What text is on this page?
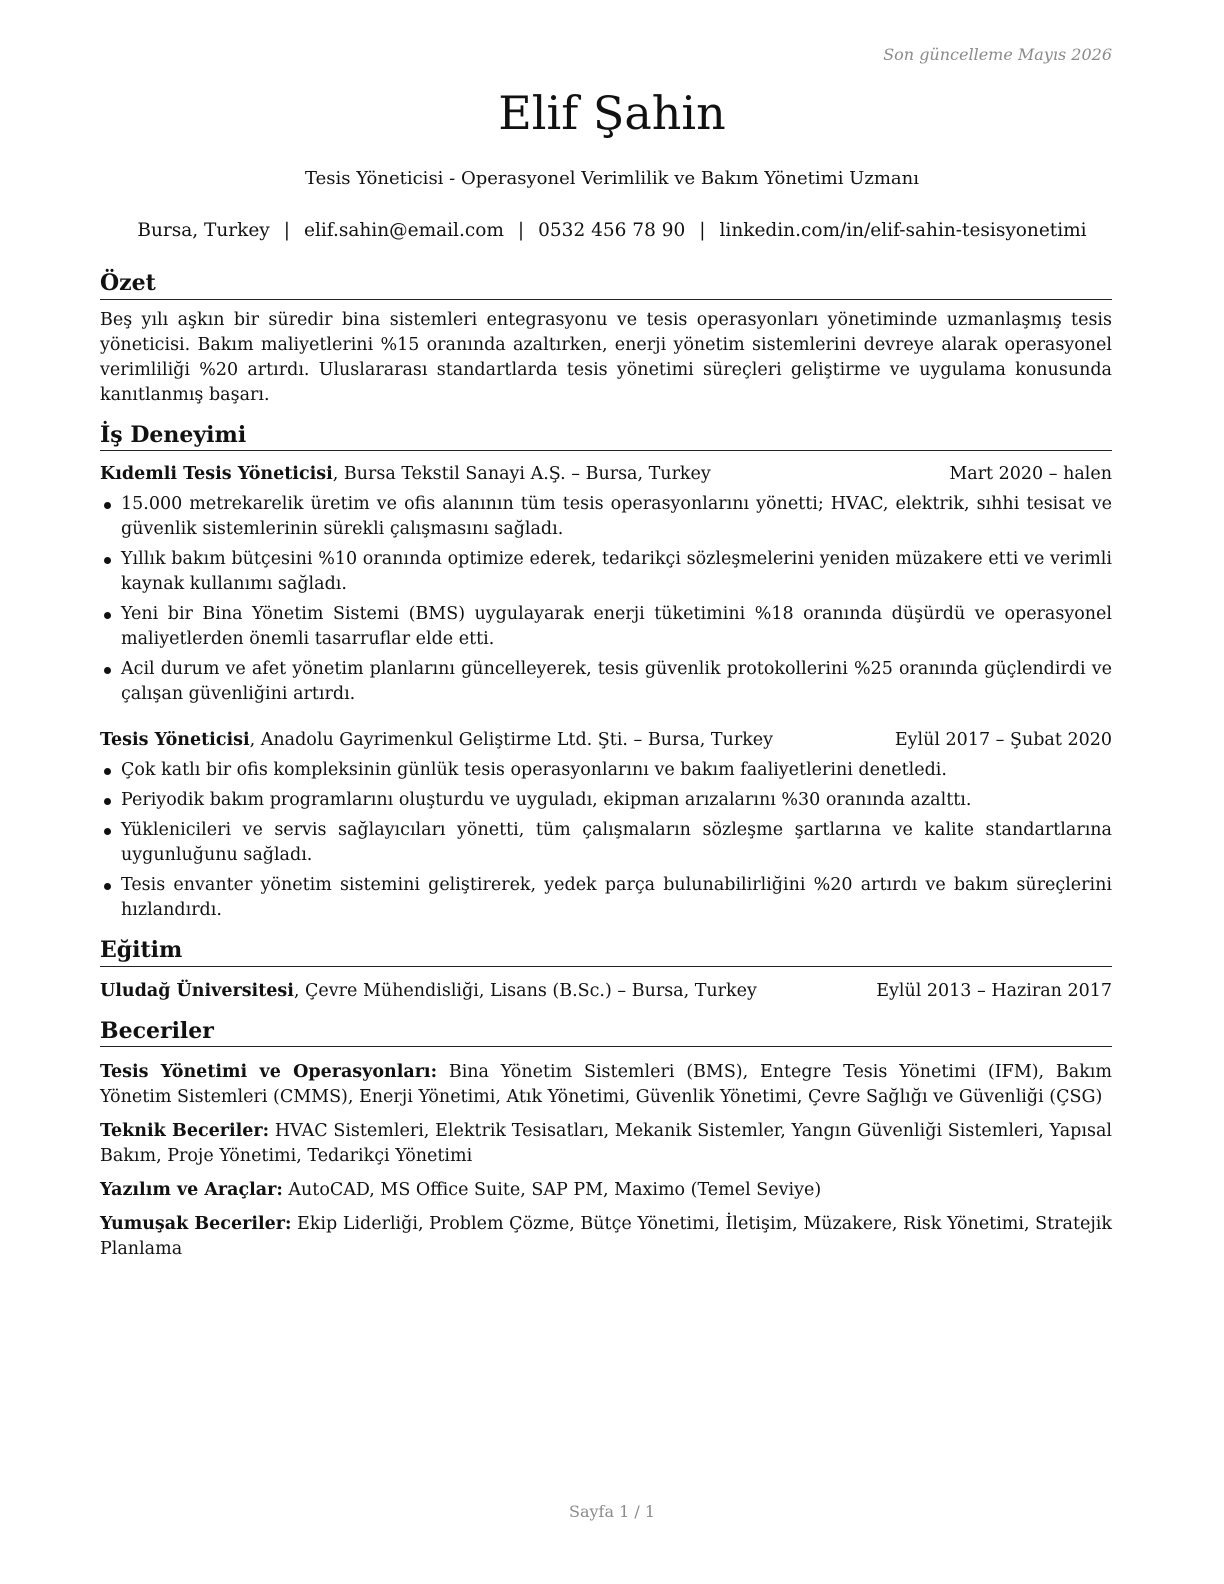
Son güncelleme Mayıs 2026
Elif Şahin
Tesis Yöneticisi - Operasyonel Verimlilik ve Bakım Yönetimi Uzmanı
Bursa, Turkey | elif.sahin@email.com | 0532 456 78 90 | linkedin.com/in/elif-sahin-tesisyonetimi
Özet

Beş yılı aşkın bir süredir bina sistemleri entegrasyonu ve tesis operasyonları yönetiminde uzmanlaşmış tesis yöneticisi. Bakım maliyetlerini %15 oranında azaltırken, enerji yönetim sistemlerini devreye alarak operasyonel verimliliği %20 artırdı. Uluslararası standartlarda tesis yönetimi süreçleri geliştirme ve uygulama konusunda kanıtlanmış başarı.

İş Deneyimi
Kıdemli Tesis Yöneticisi, Bursa Tekstil Sanayi A.Ş. – Bursa, Turkey	Mart 2020 – halen
15.000 metrekarelik üretim ve ofis alanının tüm tesis operasyonlarını yönetti; HVAC, elektrik, sıhhi tesisat ve güvenlik sistemlerinin sürekli çalışmasını sağladı.
Yıllık bakım bütçesini %10 oranında optimize ederek, tedarikçi sözleşmelerini yeniden müzakere etti ve verimli kaynak kullanımı sağladı.
Yeni bir Bina Yönetim Sistemi (BMS) uygulayarak enerji tüketimini %18 oranında düşürdü ve operasyonel maliyetlerden önemli tasarruflar elde etti.
Acil durum ve afet yönetim planlarını güncelleyerek, tesis güvenlik protokollerini %25 oranında güçlendirdi ve çalışan güvenliğini artırdı.
Tesis Yöneticisi, Anadolu Gayrimenkul Geliştirme Ltd. Şti. – Bursa, Turkey	Eylül 2017 – Şubat 2020
Çok katlı bir ofis kompleksinin günlük tesis operasyonlarını ve bakım faaliyetlerini denetledi.
Periyodik bakım programlarını oluşturdu ve uyguladı, ekipman arızalarını %30 oranında azalttı.
Yüklenicileri ve servis sağlayıcıları yönetti, tüm çalışmaların sözleşme şartlarına ve kalite standartlarına uygunluğunu sağladı.
Tesis envanter yönetim sistemini geliştirerek, yedek parça bulunabilirliğini %20 artırdı ve bakım süreçlerini hızlandırdı.
Eğitim
Uludağ Üniversitesi, Çevre Mühendisliği, Lisans (B.Sc.) – Bursa, Turkey	Eylül 2013 – Haziran 2017
Beceriler
Tesis Yönetimi ve Operasyonları: Bina Yönetim Sistemleri (BMS), Entegre Tesis Yönetimi (IFM), Bakım Yönetim Sistemleri (CMMS), Enerji Yönetimi, Atık Yönetimi, Güvenlik Yönetimi, Çevre Sağlığı ve Güvenliği (ÇSG)
Teknik Beceriler: HVAC Sistemleri, Elektrik Tesisatları, Mekanik Sistemler, Yangın Güvenliği Sistemleri, Yapısal Bakım, Proje Yönetimi, Tedarikçi Yönetimi
Yazılım ve Araçlar: AutoCAD, MS Office Suite, SAP PM, Maximo (Temel Seviye)
Yumuşak Beceriler: Ekip Liderliği, Problem Çözme, Bütçe Yönetimi, İletişim, Müzakere, Risk Yönetimi, Stratejik Planlama
Sayfa 1 / 1
